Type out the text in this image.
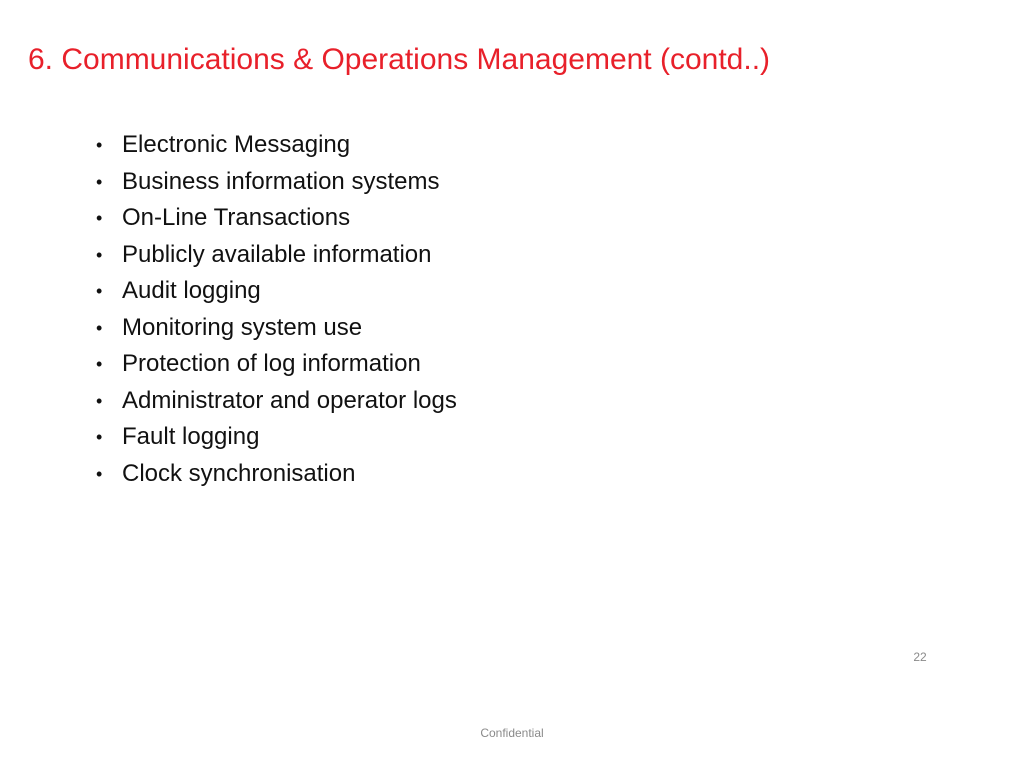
6. Communications & Operations Management (contd..)
• Electronic Messaging
• Business information systems
• On-Line Transactions
• Publicly available information
• Audit logging
• Monitoring system use
• Protection of log information
• Administrator and operator logs
• Fault logging
• Clock synchronisation
22
Confidential
